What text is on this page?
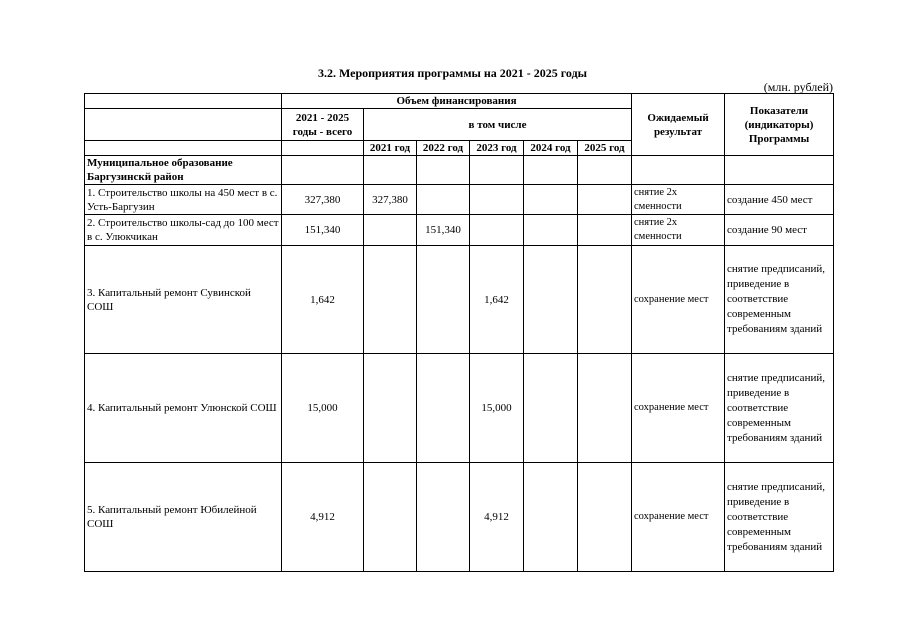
3.2. Мероприятия программы на 2021 - 2025 годы
(млн. рублей)
	Объем финансирования						Ожидаемый результат	Показатели (индикаторы) Программы
	2021 - 2025 годы - всего	в том числе						
		2021 год	2022 год	2023 год	2024 год	2025 год		
Муниципальное образование Баргузинскй район								
1. Строительство школы на 450 мест в с. Усть-Баргузин	327,380	327,380					снятие 2х сменности	создание 450 мест
2. Строительство школы-сад до 100 мест в с. Улюкчикан	151,340		151,340				снятие 2х сменности	создание 90 мест
3. Капитальный ремонт Сувинской СОШ	1,642			1,642			сохранение мест	снятие предписаний, приведение в соответствие современным требованиям зданий
4. Капитальный ремонт Улюнской СОШ	15,000			15,000			сохранение мест	снятие предписаний, приведение в соответствие современным требованиям зданий
5. Капитальный ремонт Юбилейной СОШ	4,912			4,912			сохранение мест	снятие предписаний, приведение в соответствие современным требованиям зданий
